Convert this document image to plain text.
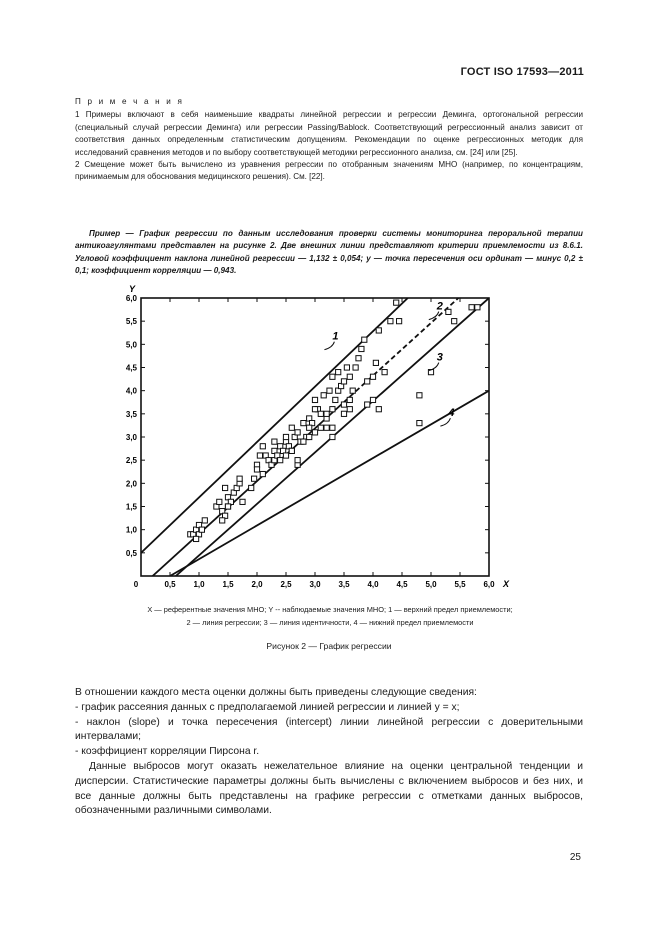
ГОСТ ISO 17593—2011

П р и м е ч а н и я

1 Примеры включают в себя наименьшие квадраты линейной регрессии и регрессии Деминга, ортогональной регрессии (специальный случай регрессии Деминга) или регрессии Passing/Bablock. Соответствующий регрессионный анализ зависит от соответствия данных определенным статистическим допущениям. Рекомендации по оценке регрессионных методик для исследований сравнения методов и по выбору соответствующей методики регрессионного анализа, см. [24] или [25].

2 Смещение может быть вычислено из уравнения регрессии по отобранным значениям МНО (например, по концентрациям, принимаемым для обоснования медицинского решения). См. [22].

Пример — График регрессии по данным исследования проверки системы мониторинга пероральной терапии антикоагулянтами представлен на рисунке 2. Две внешних линии представляют критерии приемлемости из 8.6.1. Угловой коэффициент наклона линейной регрессии — 1,132 ± 0,054; у — точка пересечения оси ординат — минус 0,2 ± 0,1; коэффициент корреляции — 0,943.

0,5 1,0 1,5 2,0 2,5 3,0 3,5 4,0 4,5 5,0 5,5 6,0
0,5
1,0
1,5
2,0
2,5
3,0
3,5
4,0
4,5
5,0
5,5
6,0
0	X
Y
1
2
3
4
X — референтные значения МНО; Y -- наблюдаемые значения МНО; 1 — верхний предел приемлемости;
2 — линия регрессии; 3 — линия идентичности, 4 — нижний предел приемлемости
Рисунок 2 — График регрессии

В отношении каждого места оценки должны быть приведены следующие сведения:

- график рассеяния данных с предполагаемой линией регрессии и линией у = х;

- наклон (slope) и точка пересечения (intercept) линии линейной регрессии с доверительными интервалами;

- коэффициент корреляции Пирсона r.

Данные выбросов могут оказать нежелательное влияние на оценки центральной тенденции и дисперсии. Статистические параметры должны быть вычислены с включением выбросов и без них, и все данные должны быть представлены на графике регрессии с отметками данных выбросов, обозначенными различными символами.

25
